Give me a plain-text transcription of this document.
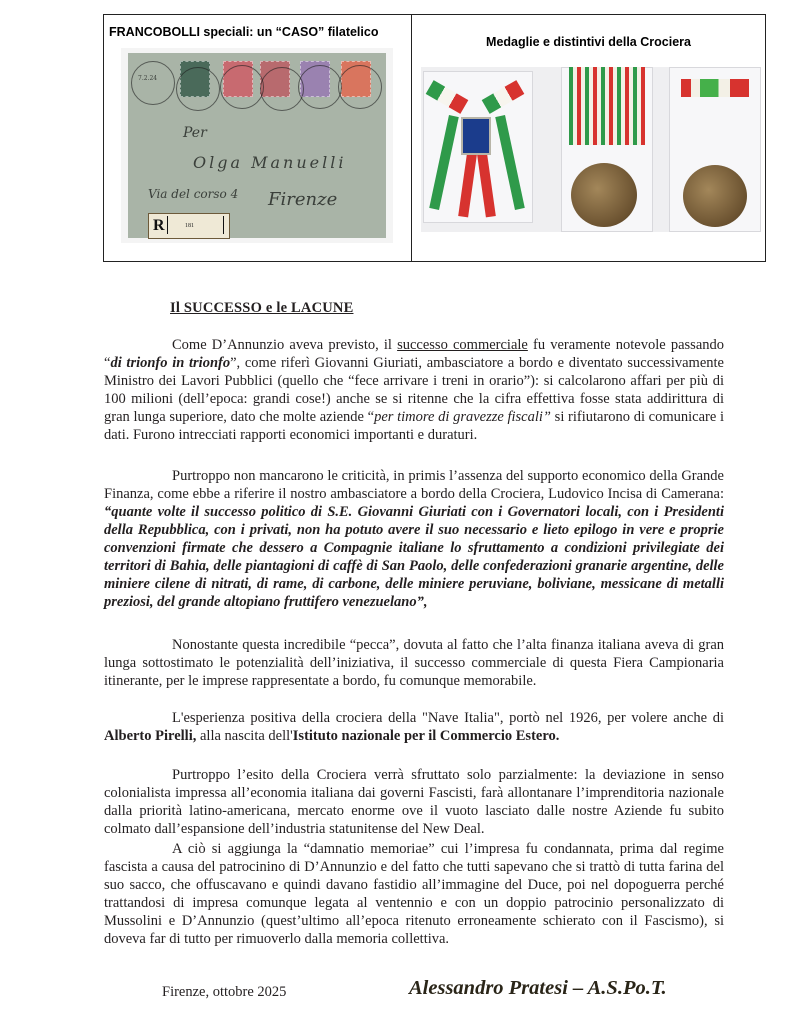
FRANCOBOLLI speciali: un “CASO” filatelico
7.2.24
Per
Olga Manuelli
Via del corso 4 Firenze
R	181
Medaglie e distintivi della Crociera
Il SUCCESSO e le LACUNE
Come D’Annunzio aveva previsto, il successo commerciale fu veramente notevole passando “di trionfo in trionfo”, come riferì Giovanni Giuriati, ambasciatore a bordo e diventato successivamente Ministro dei Lavori Pubblici (quello che “fece arrivare i treni in orario”): si calcolarono affari per più di 100 milioni (dell’epoca: grandi cose!) anche se si ritenne che la cifra effettiva fosse stata addirittura di gran lunga superiore, dato che molte aziende “per timore di gravezze fiscali” si rifiutarono di comunicare i dati. Furono intrecciati rapporti economici importanti e duraturi.
Purtroppo non mancarono le criticità, in primis l’assenza del supporto economico della Grande Finanza, come ebbe a riferire il nostro ambasciatore a bordo della Crociera, Ludovico Incisa di Camerana: “quante volte il successo politico di S.E. Giovanni Giuriati con i Governatori locali, con i Presidenti della Repubblica, con i privati, non ha potuto avere il suo necessario e lieto epilogo in vere e proprie convenzioni firmate che dessero a Compagnie italiane lo sfruttamento a condizioni privilegiate dei territori di Bahia, delle piantagioni di caffè di San Paolo, delle confederazioni granarie argentine, delle miniere cilene di nitrati, di rame, di carbone, delle miniere peruviane, boliviane, messicane di metalli preziosi, del grande altopiano fruttifero venezuelano”,
Nonostante questa incredibile “pecca”, dovuta al fatto che l’alta finanza italiana aveva di gran lunga sottostimato le potenzialità dell’iniziativa, il successo commerciale di questa Fiera Campionaria itinerante, per le imprese rappresentate a bordo, fu comunque memorabile.
L'esperienza positiva della crociera della "Nave Italia", portò nel 1926, per volere anche di Alberto Pirelli, alla nascita dell'Istituto nazionale per il Commercio Estero.
Purtroppo l’esito della Crociera verrà sfruttato solo parzialmente: la deviazione in senso colonialista impressa all’economia italiana dai governi Fascisti, farà allontanare l’imprenditoria nazionale dalla priorità latino-americana, mercato enorme ove il vuoto lasciato dalle nostre Aziende fu subito colmato dall’espansione dell’industria statunitense del New Deal.
A ciò si aggiunga la “damnatio memoriae” cui l’impresa fu condannata, prima dal regime fascista a causa del patrocinino di D’Annunzio e del fatto che tutti sapevano che si trattò di tutta farina del suo sacco, che offuscavano e quindi davano fastidio all’immagine del Duce, poi nel dopoguerra perché trattandosi di impresa comunque legata al ventennio e con un doppio patrocinio personalizzato di Mussolini e D’Annunzio (quest’ultimo all’epoca ritenuto erroneamente schierato con il Fascismo), si doveva far di tutto per rimuoverlo dalla memoria collettiva.
Firenze, ottobre 2025	Alessandro Pratesi – A.S.Po.T.
